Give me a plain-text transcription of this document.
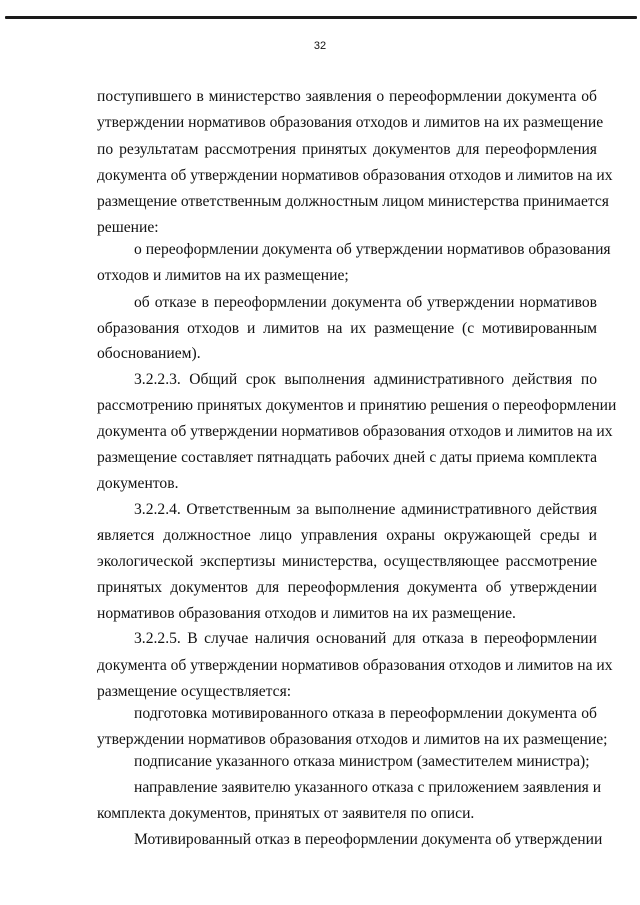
32
поступившего в министерство заявления о переоформлении документа об
утверждении нормативов образования отходов и лимитов на их размещение
по результатам рассмотрения принятых документов для переоформления
документа об утверждении нормативов образования отходов и лимитов на их
размещение ответственным должностным лицом министерства принимается
решение:
о переоформлении документа об утверждении нормативов образования
отходов и лимитов на их размещение;
об отказе в переоформлении документа об утверждении нормативов
образования отходов и лимитов на их размещение (с мотивированным
обоснованием).
3.2.2.3. Общий срок выполнения административного действия по
рассмотрению принятых документов и принятию решения о переоформлении
документа об утверждении нормативов образования отходов и лимитов на их
размещение составляет пятнадцать рабочих дней с даты приема комплекта
документов.
3.2.2.4. Ответственным за выполнение административного действия
является должностное лицо управления охраны окружающей среды и
экологической экспертизы министерства, осуществляющее рассмотрение
принятых документов для переоформления документа об утверждении
нормативов образования отходов и лимитов на их размещение.
3.2.2.5. В случае наличия оснований для отказа в переоформлении
документа об утверждении нормативов образования отходов и лимитов на их
размещение осуществляется:
подготовка мотивированного отказа в переоформлении документа об
утверждении нормативов образования отходов и лимитов на их размещение;
подписание указанного отказа министром (заместителем министра);
направление заявителю указанного отказа с приложением заявления и
комплекта документов, принятых от заявителя по описи.
Мотивированный отказ в переоформлении документа об утверждении
